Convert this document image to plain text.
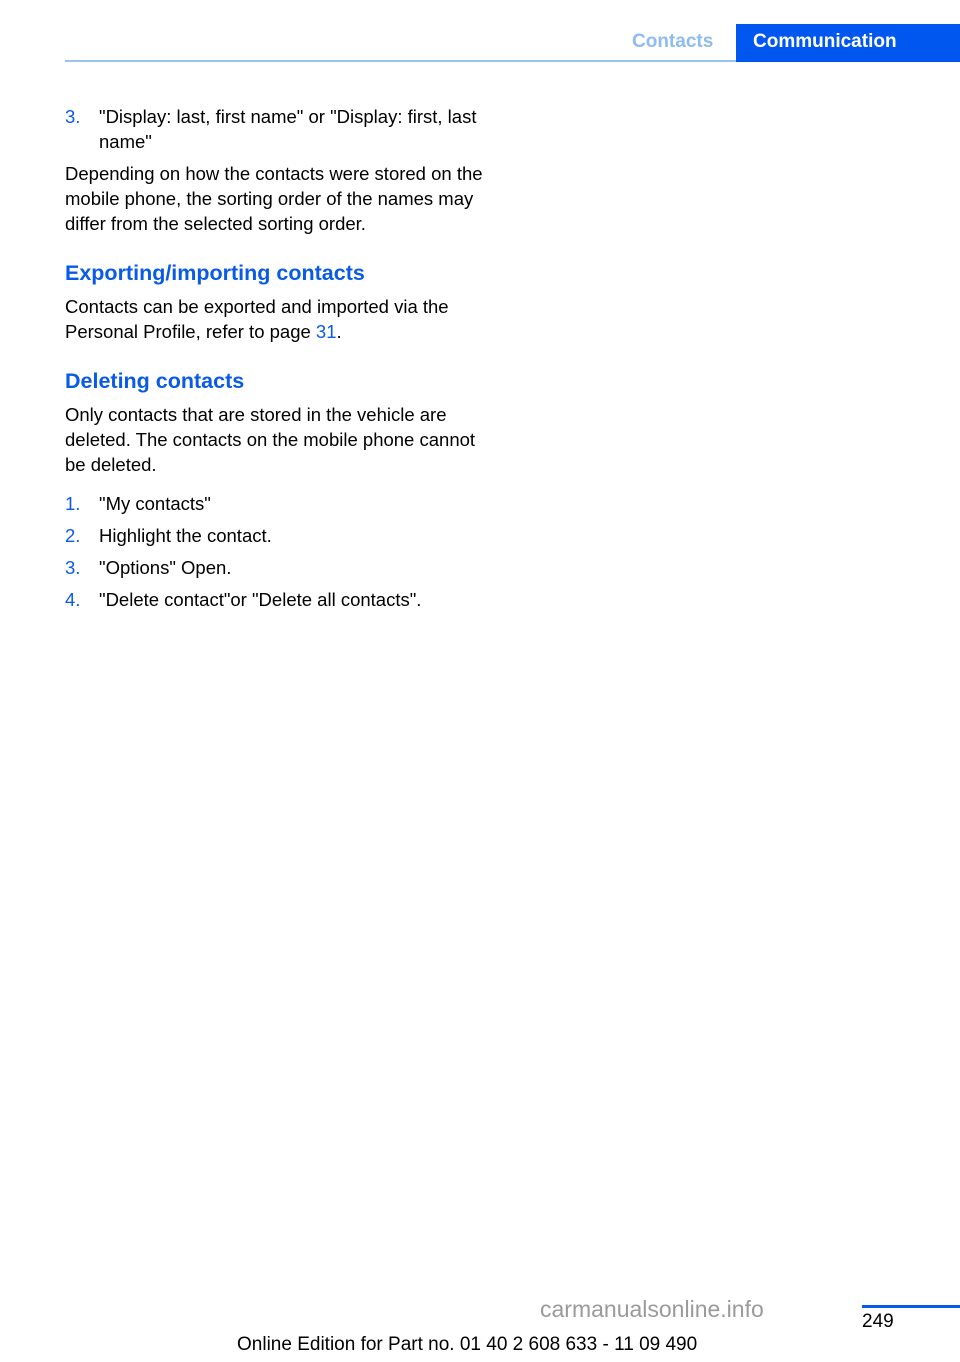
Contacts	Communication
3. "Display: last, first name" or "Display: first, last name"
Depending on how the contacts were stored on the mobile phone, the sorting order of the names may differ from the selected sorting order.
Exporting/importing contacts
Contacts can be exported and imported via the Personal Profile, refer to page 31.
Deleting contacts
Only contacts that are stored in the vehicle are deleted. The contacts on the mobile phone cannot be deleted.
1. "My contacts"
2. Highlight the contact.
3. "Options" Open.
4. "Delete contact"or "Delete all contacts".
249
carmanualsonline.info
Online Edition for Part no. 01 40 2 608 633 - 11 09 490
